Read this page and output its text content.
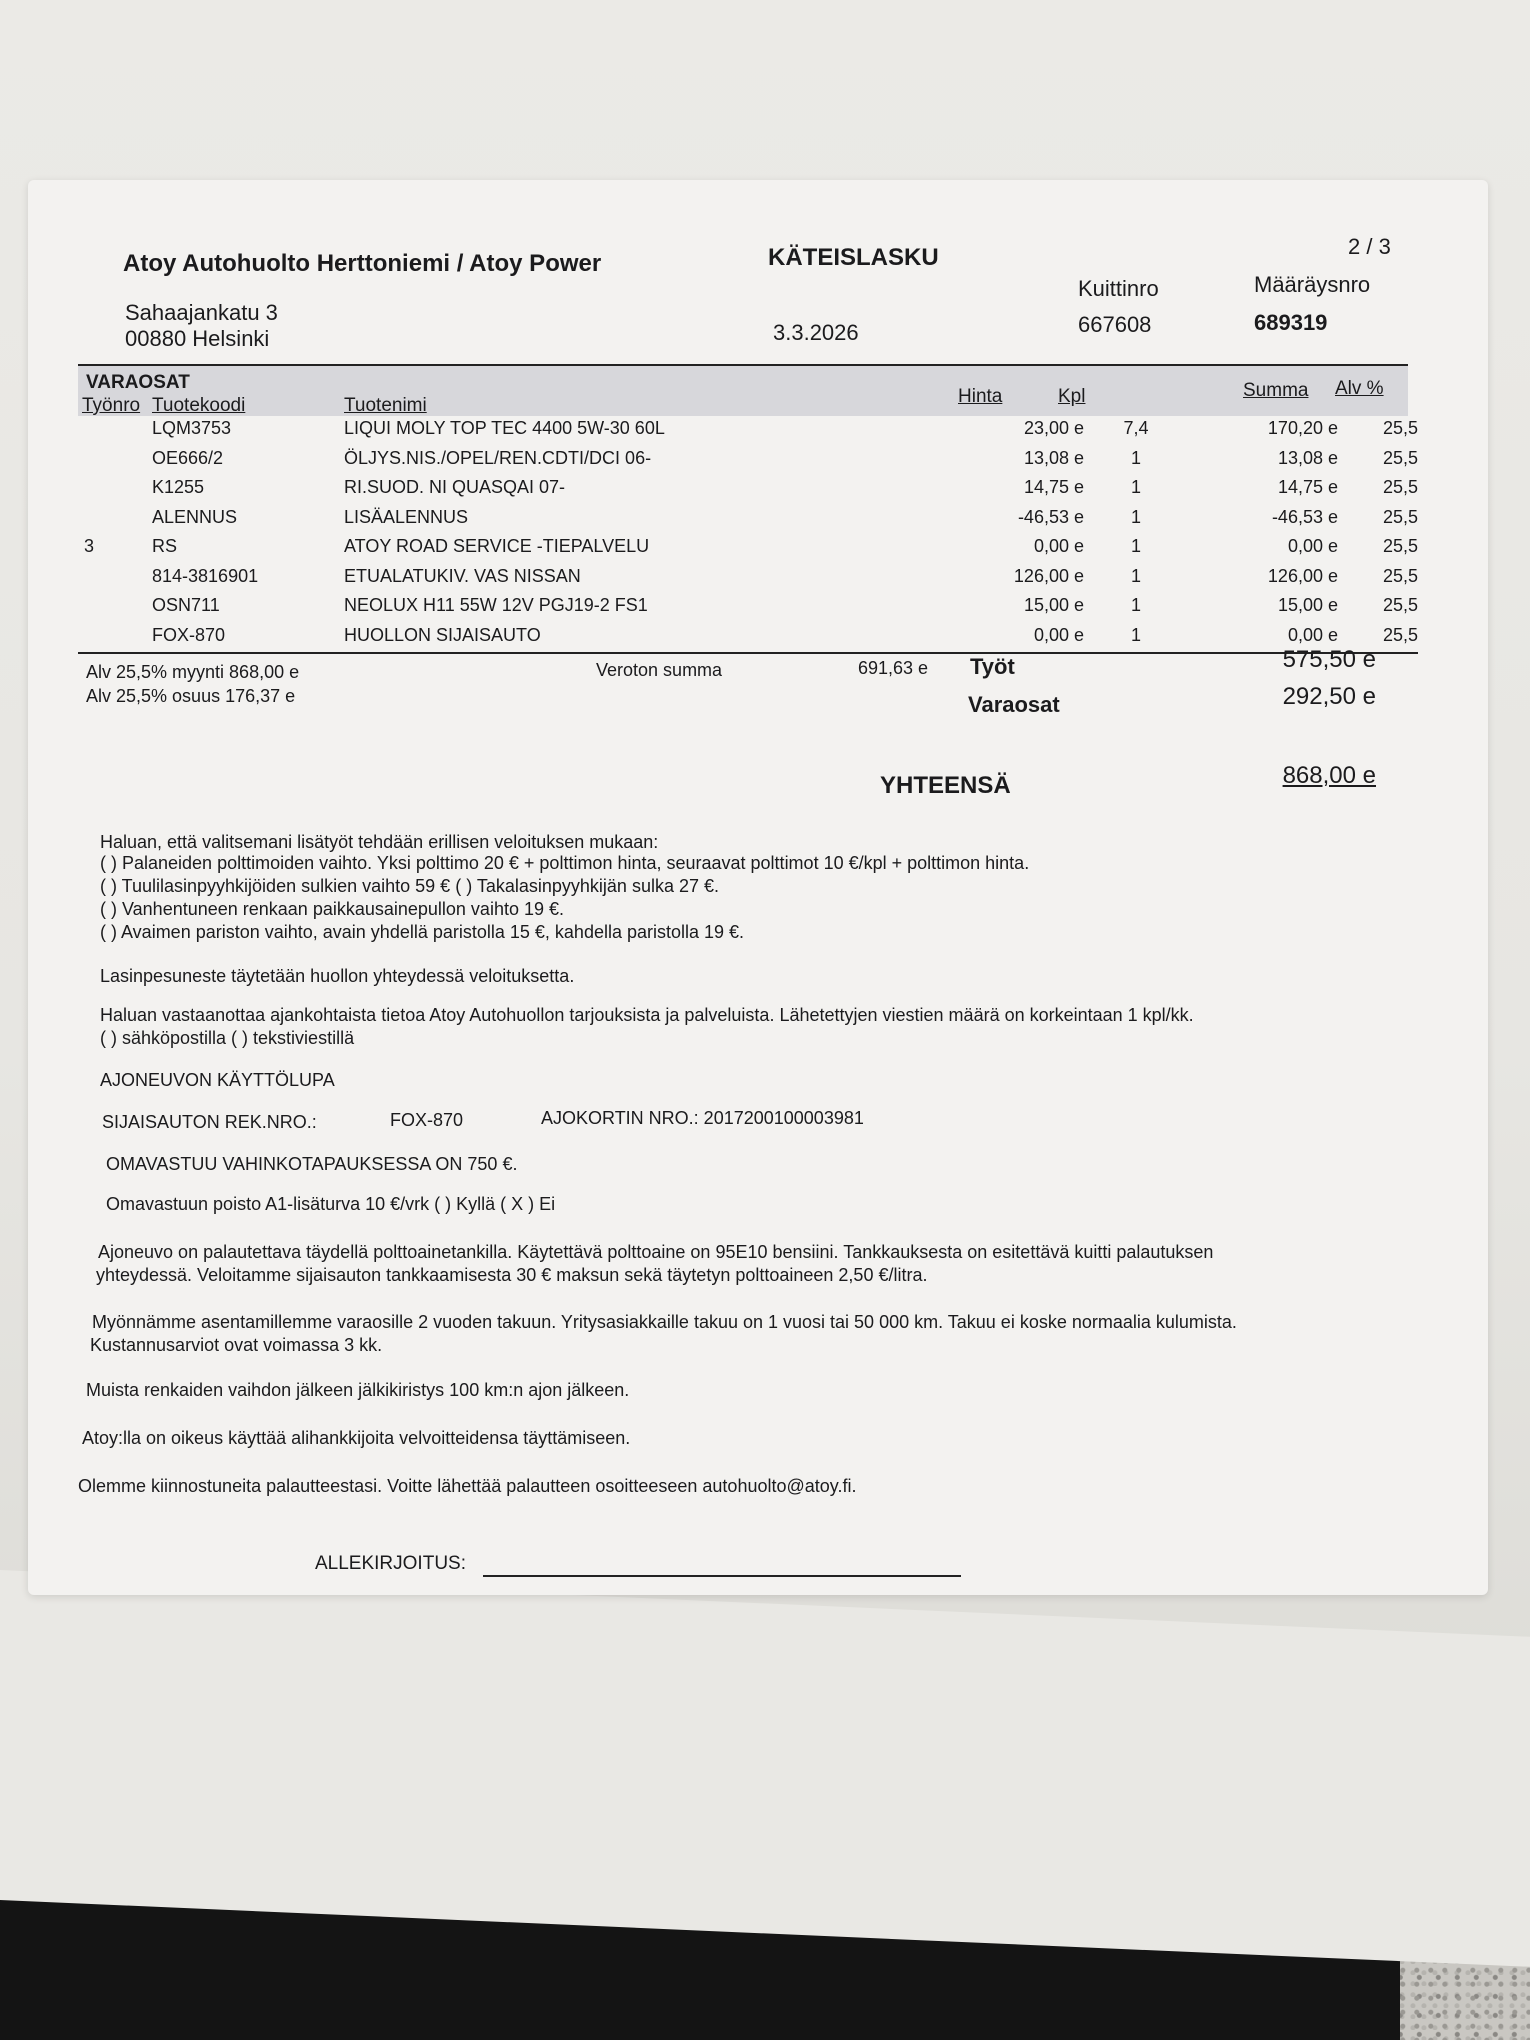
Atoy Autohuolto Herttoniemi / Atoy Power
Sahaajankatu 3
00880 Helsinki
KÄTEISLASKU	2 / 3
3.3.2026
Kuittinro
667608
Määräysnro
689319
VARAOSAT
Työnro Tuotekoodi	Tuotenimi	Hinta	Kpl	Summa Alv %
	LQM3753	LIQUI MOLY TOP TEC 4400 5W-30 60L	23,00 e	7,4	170,20 e	25,5
	OE666/2	ÖLJYS.NIS./OPEL/REN.CDTI/DCI 06-	13,08 e	1	13,08 e	25,5
	K1255	RI.SUOD. NI QUASQAI 07-	14,75 e	1	14,75 e	25,5
	ALENNUS	LISÄALENNUS	-46,53 e	1	-46,53 e	25,5
3	RS	ATOY ROAD SERVICE -TIEPALVELU	0,00 e	1	0,00 e	25,5
	814-3816901	ETUALATUKIV. VAS NISSAN	126,00 e	1	126,00 e	25,5
	OSN711	NEOLUX H11 55W 12V PGJ19-2 FS1	15,00 e	1	15,00 e	25,5
	FOX-870	HUOLLON SIJAISAUTO	0,00 e	1	0,00 e	25,5
Alv 25,5% myynti 868,00 e
Alv 25,5% osuus 176,37 e
Veroton summa	691,63 e Työt	575,50 e
Varaosat	292,50 e
YHTEENSÄ	868,00 e
Haluan, että valitsemani lisätyöt tehdään erillisen veloituksen mukaan:
( ) Palaneiden polttimoiden vaihto. Yksi polttimo 20 € + polttimon hinta, seuraavat polttimot 10 €/kpl + polttimon hinta.
( ) Tuulilasinpyyhkijöiden sulkien vaihto 59 € ( ) Takalasinpyyhkijän sulka 27 €.
( ) Vanhentuneen renkaan paikkausainepullon vaihto 19 €.
( ) Avaimen pariston vaihto, avain yhdellä paristolla 15 €, kahdella paristolla 19 €.
Lasinpesuneste täytetään huollon yhteydessä veloituksetta.
Haluan vastaanottaa ajankohtaista tietoa Atoy Autohuollon tarjouksista ja palveluista. Lähetettyjen viestien määrä on korkeintaan 1 kpl/kk.
( ) sähköpostilla ( ) tekstiviestillä
AJONEUVON KÄYTTÖLUPA
SIJAISAUTON REK.NRO.:	FOX-870	AJOKORTIN NRO.: 2017200100003981
OMAVASTUU VAHINKOTAPAUKSESSA ON 750 €.
Omavastuun poisto A1-lisäturva 10 €/vrk ( ) Kyllä ( X ) Ei
Ajoneuvo on palautettava täydellä polttoainetankilla. Käytettävä polttoaine on 95E10 bensiini. Tankkauksesta on esitettävä kuitti palautuksen
yhteydessä. Veloitamme sijaisauton tankkaamisesta 30 € maksun sekä täytetyn polttoaineen 2,50 €/litra.
Myönnämme asentamillemme varaosille 2 vuoden takuun. Yritysasiakkaille takuu on 1 vuosi tai 50 000 km. Takuu ei koske normaalia kulumista.
Kustannusarviot ovat voimassa 3 kk.
Muista renkaiden vaihdon jälkeen jälkikiristys 100 km:n ajon jälkeen.
Atoy:lla on oikeus käyttää alihankkijoita velvoitteidensa täyttämiseen.
Olemme kiinnostuneita palautteestasi. Voitte lähettää palautteen osoitteeseen autohuolto@atoy.fi.
ALLEKIRJOITUS:
